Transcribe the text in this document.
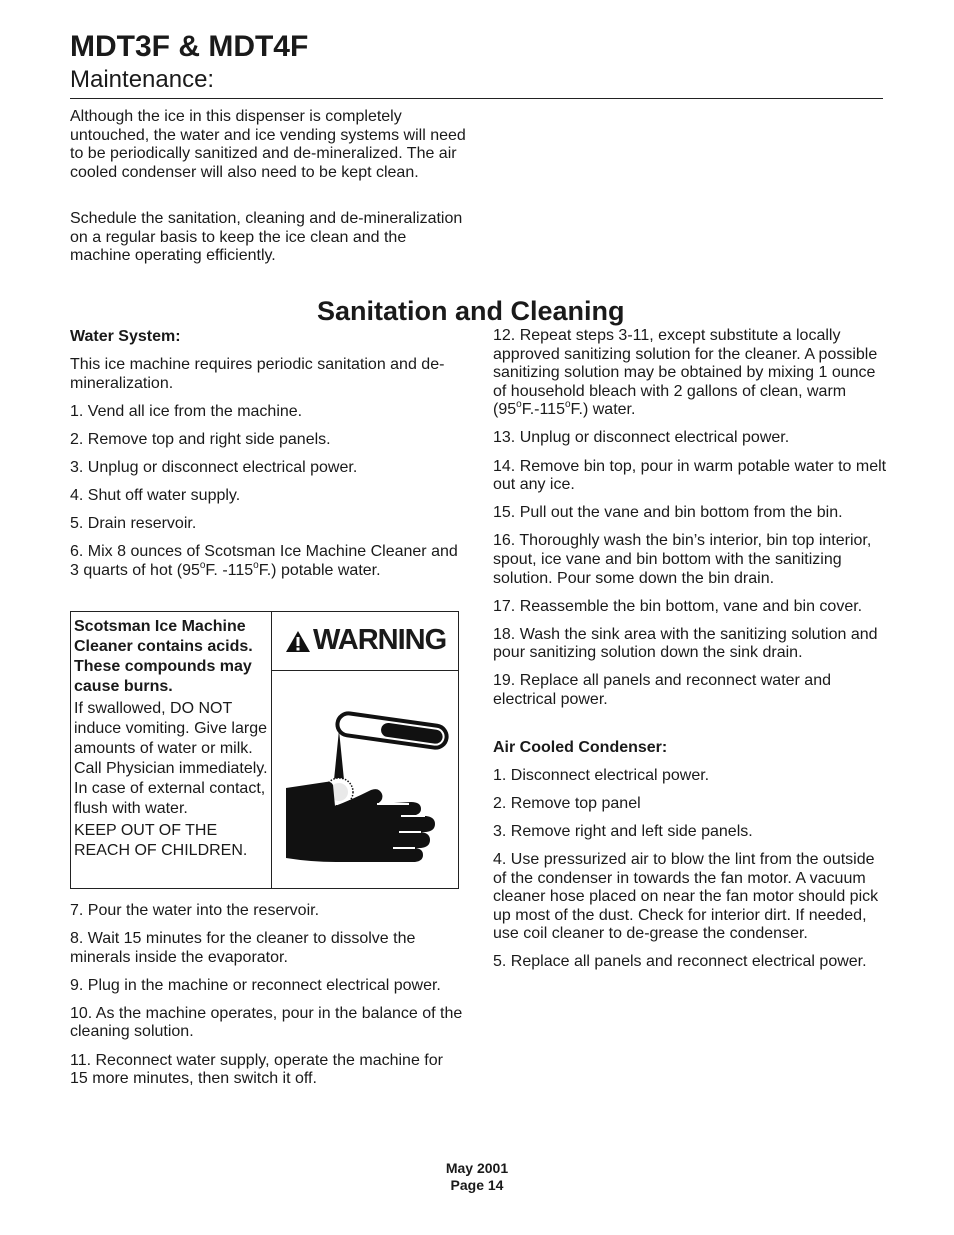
MDT3F & MDT4F
Maintenance:
Although the ice in this dispenser is completely untouched, the water and ice vending systems will need to be periodically sanitized and de-mineralized. The air cooled condenser will also need to be kept clean.
Schedule the sanitation, cleaning and de-mineralization on a regular basis to keep the ice clean and the machine operating efficiently.
Sanitation and Cleaning

Water System:

This ice machine requires periodic sanitation and de-mineralization.

1. Vend all ice from the machine.

2. Remove top and right side panels.

3. Unplug or disconnect electrical power.

4. Shut off water supply.

5. Drain reservoir.

6. Mix 8 ounces of Scotsman Ice Machine Cleaner and 3 quarts of hot (95$^o$F. -115$^o$F.) potable water.

Scotsman Ice Machine Cleaner contains acids. These compounds may cause burns.

If swallowed, DO NOT induce vomiting. Give large amounts of water or milk. Call Physician immediately. In case of external contact, flush with water.

KEEP OUT OF THE REACH OF CHILDREN.

WARNING

7. Pour the water into the reservoir.

8. Wait 15 minutes for the cleaner to dissolve the minerals inside the evaporator.

9. Plug in the machine or reconnect electrical power.

10. As the machine operates, pour in the balance of the cleaning solution.

11. Reconnect water supply, operate the machine for 15 more minutes, then switch it off.

12. Repeat steps 3-11, except substitute a locally approved sanitizing solution for the cleaner. A possible sanitizing solution may be obtained by mixing 1 ounce of household bleach with 2 gallons of clean, warm (95$^o$F.-115$^o$F.) water.

13. Unplug or disconnect electrical power.

14. Remove bin top, pour in warm potable water to melt out any ice.

15. Pull out the vane and bin bottom from the bin.

16. Thoroughly wash the bin’s interior, bin top interior, spout, ice vane and bin bottom with the sanitizing solution. Pour some down the bin drain.

17. Reassemble the bin bottom, vane and bin cover.

18. Wash the sink area with the sanitizing solution and pour sanitizing solution down the sink drain.

19. Replace all panels and reconnect water and electrical power.

Air Cooled Condenser:

1. Disconnect electrical power.

2. Remove top panel

3. Remove right and left side panels.

4. Use pressurized air to blow the lint from the outside of the condenser in towards the fan motor. A vacuum cleaner hose placed on near the fan motor should pick up most of the dust. Check for interior dirt. If needed, use coil cleaner to de-grease the condenser.

5. Replace all panels and reconnect electrical power.

May 2001
Page 14
